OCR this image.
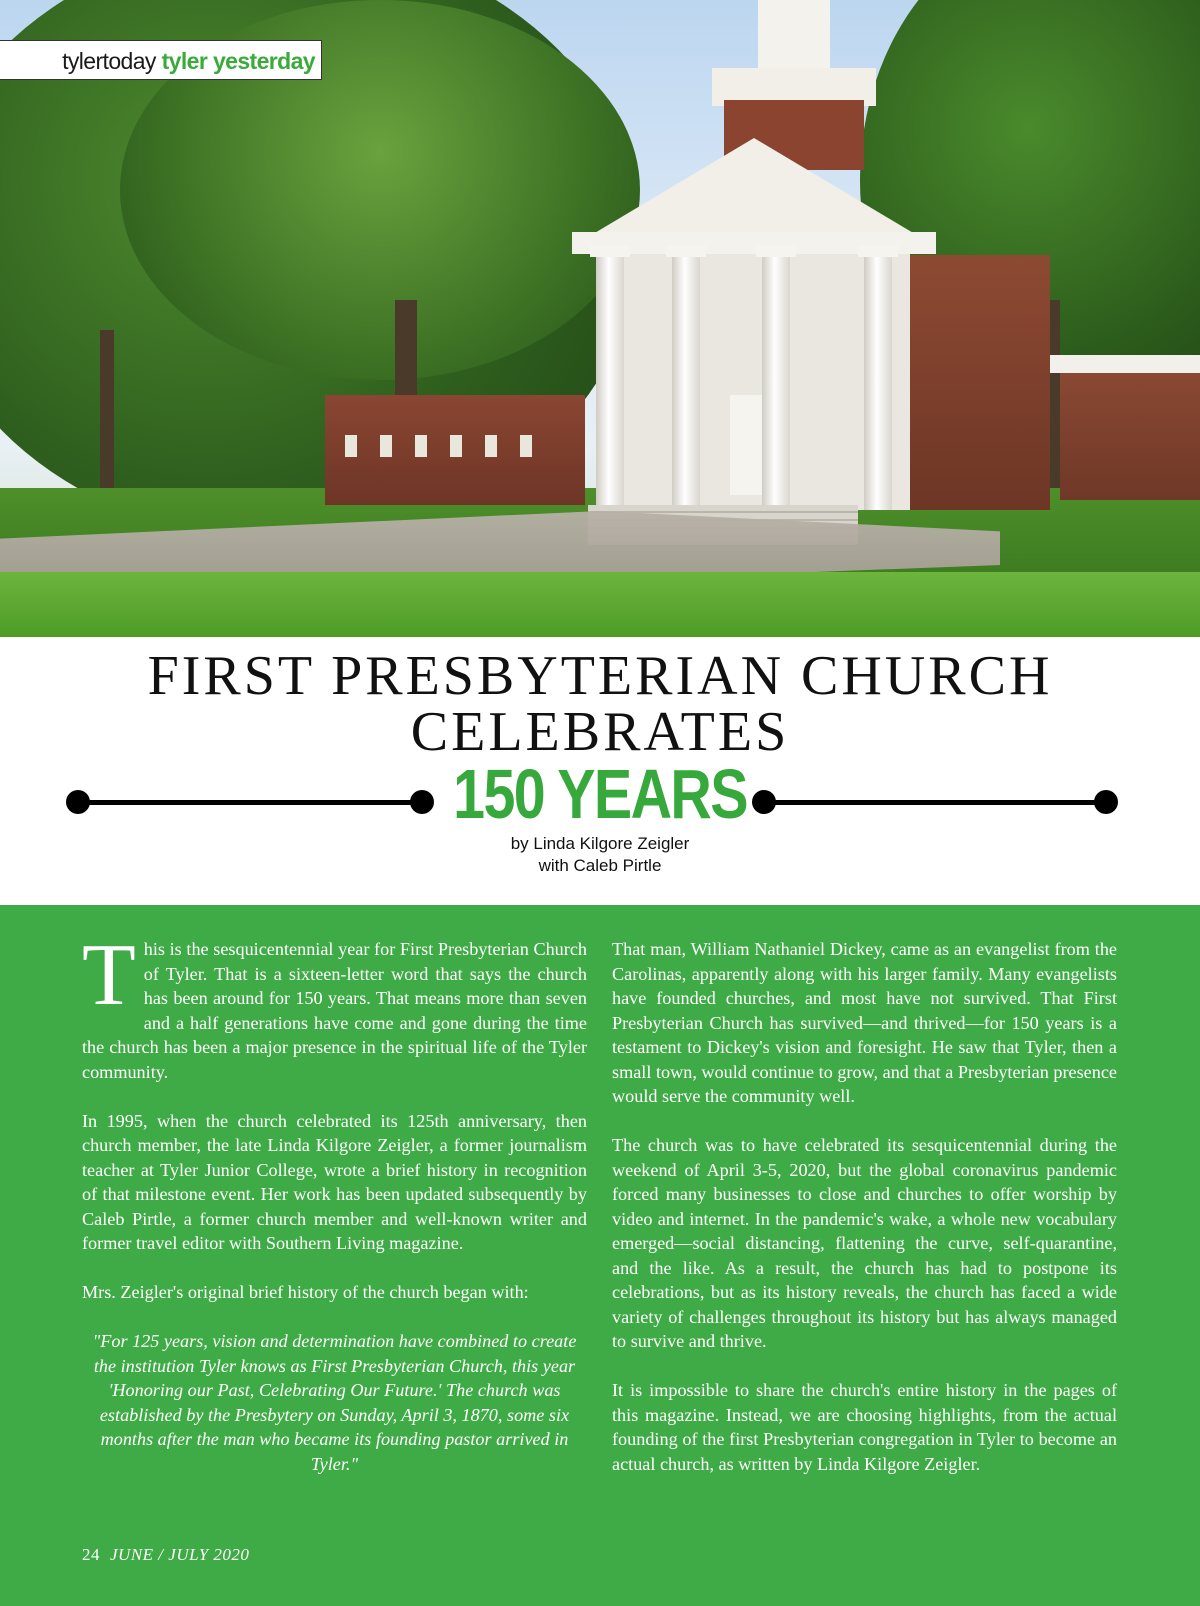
tylertoday tyler yesterday
FIRST PRESBYTERIAN CHURCH
CELEBRATES
150 YEARS
by Linda Kilgore Zeigler
with Caleb Pirtle

This is the sesquicentennial year for First Presbyterian Church of Tyler. That is a sixteen-letter word that says the church has been around for 150 years. That means more than seven and a half generations have come and gone during the time the church has been a major presence in the spiritual life of the Tyler community.

In 1995, when the church celebrated its 125th anniversary, then church member, the late Linda Kilgore Zeigler, a former journalism teacher at Tyler Junior College, wrote a brief history in recognition of that milestone event. Her work has been updated subsequently by Caleb Pirtle, a former church member and well-known writer and former travel editor with Southern Living magazine.

Mrs. Zeigler's original brief history of the church began with:

"For 125 years, vision and determination have combined to create the institution Tyler knows as First Presbyterian Church, this year 'Honoring our Past, Celebrating Our Future.' The church was established by the Presbytery on Sunday, April 3, 1870, some six months after the man who became its founding pastor arrived in Tyler."

That man, William Nathaniel Dickey, came as an evangelist from the Carolinas, apparently along with his larger family. Many evangelists have founded churches, and most have not survived. That First Presbyterian Church has survived—and thrived—for 150 years is a testament to Dickey's vision and foresight. He saw that Tyler, then a small town, would continue to grow, and that a Presbyterian presence would serve the community well.

The church was to have celebrated its sesquicentennial during the weekend of April 3-5, 2020, but the global coronavirus pandemic forced many businesses to close and churches to offer worship by video and internet. In the pandemic's wake, a whole new vocabulary emerged—social distancing, flattening the curve, self-quarantine, and the like. As a result, the church has had to postpone its celebrations, but as its history reveals, the church has faced a wide variety of challenges throughout its history but has always managed to survive and thrive.

It is impossible to share the church's entire history in the pages of this magazine. Instead, we are choosing highlights, from the actual founding of the first Presbyterian congregation in Tyler to become an actual church, as written by Linda Kilgore Zeigler.

24 JUNE / JULY 2020
